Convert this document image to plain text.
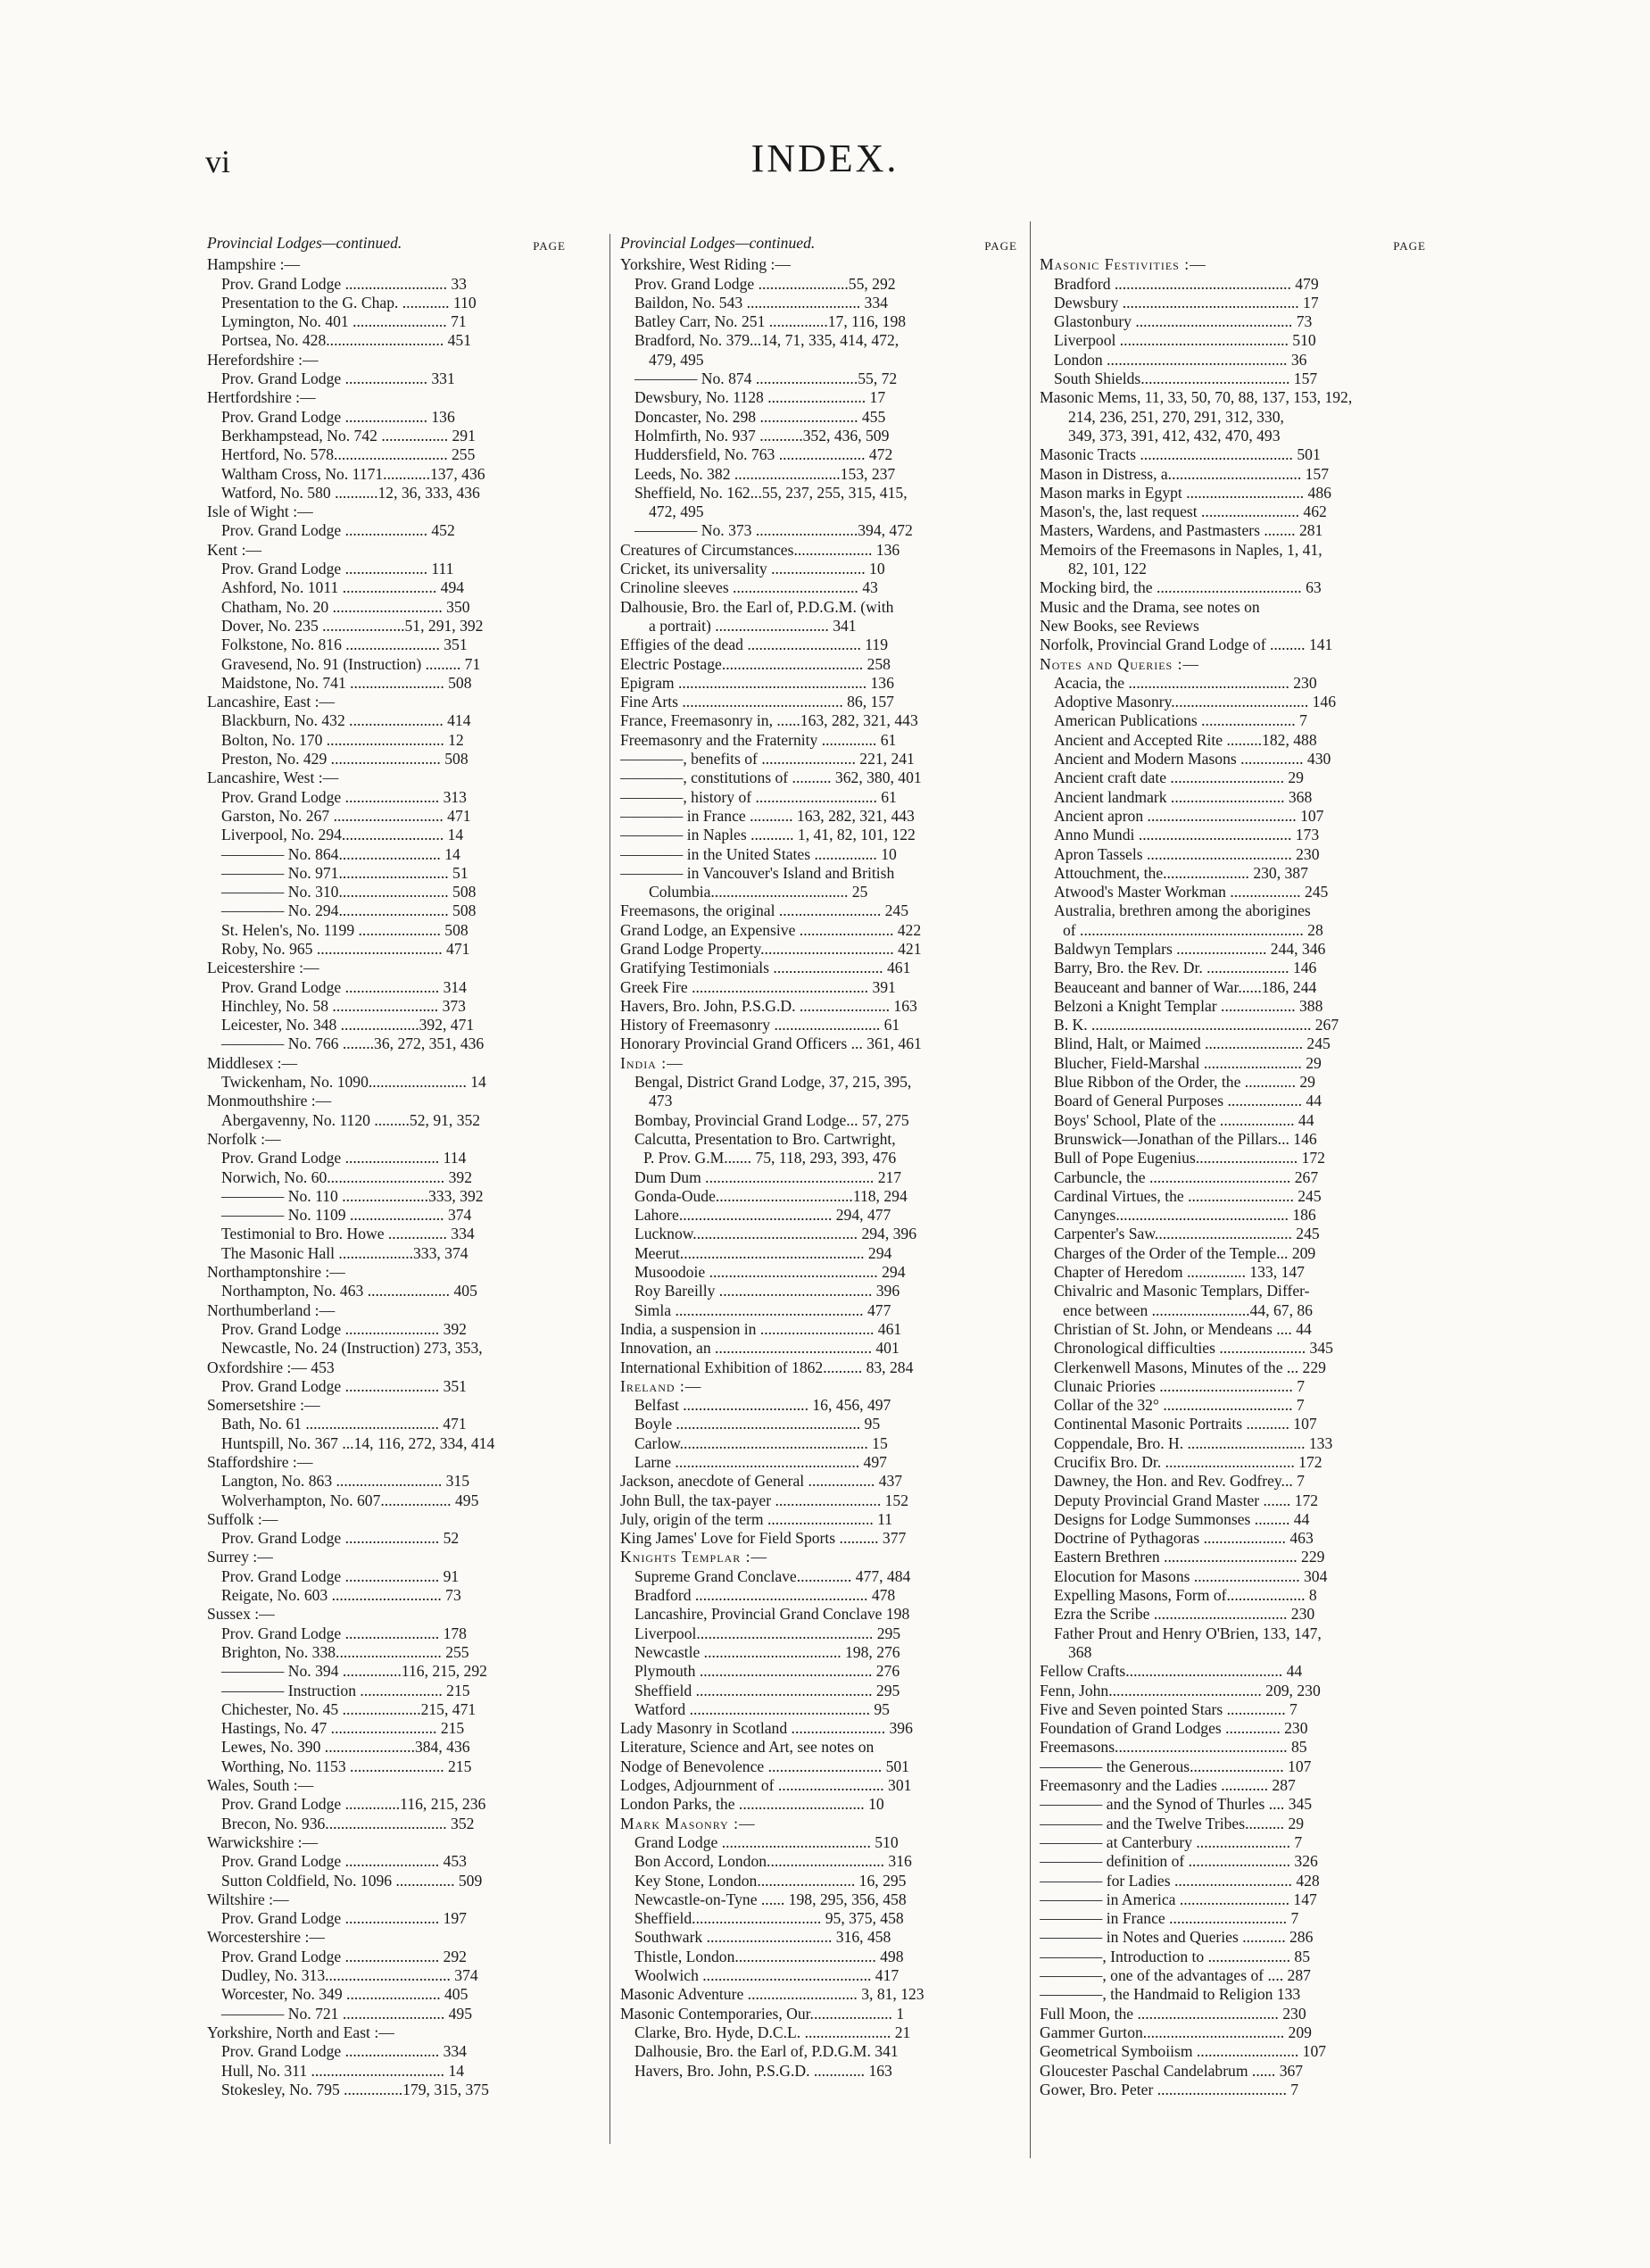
vi	INDEX.
Provincial Lodges—continued.	PAGE
Hampshire :—
Prov. Grand Lodge .......................... 33
Presentation to the G. Chap. ............ 110
Lymington, No. 401 ........................ 71
Portsea, No. 428.............................. 451
Herefordshire :—
Prov. Grand Lodge ..................... 331
Hertfordshire :—
Prov. Grand Lodge ..................... 136
Berkhampstead, No. 742 ................. 291
Hertford, No. 578............................. 255
Waltham Cross, No. 1171............137, 436
Watford, No. 580 ...........12, 36, 333, 436
Isle of Wight :—
Prov. Grand Lodge ..................... 452
Kent :—
Prov. Grand Lodge ..................... 111
Ashford, No. 1011 ........................ 494
Chatham, No. 20 ............................ 350
Dover, No. 235 .....................51, 291, 392
Folkstone, No. 816 ........................ 351
Gravesend, No. 91 (Instruction) ......... 71
Maidstone, No. 741 ........................ 508
Lancashire, East :—
Blackburn, No. 432 ........................ 414
Bolton, No. 170 .............................. 12
Preston, No. 429 ............................ 508
Lancashire, West :—
Prov. Grand Lodge ........................ 313
Garston, No. 267 ............................ 471
Liverpool, No. 294.......................... 14
———— No. 864.......................... 14
———— No. 971............................ 51
———— No. 310............................ 508
———— No. 294............................ 508
St. Helen's, No. 1199 ..................... 508
Roby, No. 965 ................................ 471
Leicestershire :—
Prov. Grand Lodge ........................ 314
Hinchley, No. 58 ........................... 373
Leicester, No. 348 ....................392, 471
———— No. 766 ........36, 272, 351, 436
Middlesex :—
Twickenham, No. 1090......................... 14
Monmouthshire :—
Abergavenny, No. 1120 .........52, 91, 352
Norfolk :—
Prov. Grand Lodge ........................ 114
Norwich, No. 60.............................. 392
———— No. 110 ......................333, 392
———— No. 1109 ........................ 374
Testimonial to Bro. Howe ............... 334
The Masonic Hall ...................333, 374
Northamptonshire :—
Northampton, No. 463 ..................... 405
Northumberland :—
Prov. Grand Lodge ........................ 392
Newcastle, No. 24 (Instruction) 273, 353,
Oxfordshire :— 453
Prov. Grand Lodge ........................ 351
Somersetshire :—
Bath, No. 61 .................................. 471
Huntspill, No. 367 ...14, 116, 272, 334, 414
Staffordshire :—
Langton, No. 863 ........................... 315
Wolverhampton, No. 607.................. 495
Suffolk :—
Prov. Grand Lodge ........................ 52
Surrey :—
Prov. Grand Lodge ........................ 91
Reigate, No. 603 ............................ 73
Sussex :—
Prov. Grand Lodge ........................ 178
Brighton, No. 338........................... 255
———— No. 394 ...............116, 215, 292
———— Instruction ..................... 215
Chichester, No. 45 ....................215, 471
Hastings, No. 47 ........................... 215
Lewes, No. 390 .......................384, 436
Worthing, No. 1153 ........................ 215
Wales, South :—
Prov. Grand Lodge ..............116, 215, 236
Brecon, No. 936............................... 352
Warwickshire :—
Prov. Grand Lodge ........................ 453
Sutton Coldfield, No. 1096 ............... 509
Wiltshire :—
Prov. Grand Lodge ........................ 197
Worcestershire :—
Prov. Grand Lodge ........................ 292
Dudley, No. 313................................ 374
Worcester, No. 349 ........................ 405
———— No. 721 .......................... 495
Yorkshire, North and East :—
Prov. Grand Lodge ........................ 334
Hull, No. 311 .................................. 14
Stokesley, No. 795 ...............179, 315, 375
Provincial Lodges—continued.	PAGE
Yorkshire, West Riding :—
Prov. Grand Lodge .......................55, 292
Baildon, No. 543 ............................. 334
Batley Carr, No. 251 ...............17, 116, 198
Bradford, No. 379...14, 71, 335, 414, 472,
479, 495
———— No. 874 ..........................55, 72
Dewsbury, No. 1128 ......................... 17
Doncaster, No. 298 ......................... 455
Holmfirth, No. 937 ...........352, 436, 509
Huddersfield, No. 763 ...................... 472
Leeds, No. 382 ...........................153, 237
Sheffield, No. 162...55, 237, 255, 315, 415,
472, 495
———— No. 373 ..........................394, 472
Creatures of Circumstances.................... 136
Cricket, its universality ........................ 10
Crinoline sleeves ................................ 43
Dalhousie, Bro. the Earl of, P.D.G.M. (with
a portrait) ............................. 341
Effigies of the dead ............................. 119
Electric Postage.................................... 258
Epigram ................................................ 136
Fine Arts ......................................... 86, 157
France, Freemasonry in, ......163, 282, 321, 443
Freemasonry and the Fraternity .............. 61
————, benefits of ........................ 221, 241
————, constitutions of .......... 362, 380, 401
————, history of ............................... 61
———— in France ........... 163, 282, 321, 443
———— in Naples ........... 1, 41, 82, 101, 122
———— in the United States ................ 10
———— in Vancouver's Island and British
Columbia................................... 25
Freemasons, the original .......................... 245
Grand Lodge, an Expensive ........................ 422
Grand Lodge Property.................................. 421
Gratifying Testimonials ............................ 461
Greek Fire ............................................. 391
Havers, Bro. John, P.S.G.D. ....................... 163
History of Freemasonry ........................... 61
Honorary Provincial Grand Officers ... 361, 461
India :—
Bengal, District Grand Lodge, 37, 215, 395,
473
Bombay, Provincial Grand Lodge... 57, 275
Calcutta, Presentation to Bro. Cartwright,
P. Prov. G.M....... 75, 118, 293, 393, 476
Dum Dum ........................................... 217
Gonda-Oude...................................118, 294
Lahore....................................... 294, 477
Lucknow.......................................... 294, 396
Meerut............................................... 294
Musoodoie ........................................... 294
Roy Bareilly ....................................... 396
Simla ................................................ 477
India, a suspension in ............................. 461
Innovation, an ........................................ 401
International Exhibition of 1862.......... 83, 284
Ireland :—
Belfast ................................ 16, 456, 497
Boyle ............................................... 95
Carlow................................................ 15
Larne ............................................... 497
Jackson, anecdote of General ................. 437
John Bull, the tax-payer ........................... 152
July, origin of the term ........................... 11
King James' Love for Field Sports .......... 377
Knights Templar :—
Supreme Grand Conclave.............. 477, 484
Bradford ............................................ 478
Lancashire, Provincial Grand Conclave 198
Liverpool............................................. 295
Newcastle ................................... 198, 276
Plymouth ............................................ 276
Sheffield ............................................. 295
Watford .............................................. 95
Lady Masonry in Scotland ........................ 396
Literature, Science and Art, see notes on
Nodge of Benevolence ............................. 501
Lodges, Adjournment of ........................... 301
London Parks, the ................................ 10
Mark Masonry :—
Grand Lodge ...................................... 510
Bon Accord, London.............................. 316
Key Stone, London......................... 16, 295
Newcastle-on-Tyne ...... 198, 295, 356, 458
Sheffield................................. 95, 375, 458
Southwark ................................ 316, 458
Thistle, London.................................... 498
Woolwich ........................................... 417
Masonic Adventure ............................ 3, 81, 123
Masonic Contemporaries, Our..................... 1
Clarke, Bro. Hyde, D.C.L. ...................... 21
Dalhousie, Bro. the Earl of, P.D.G.M. 341
Havers, Bro. John, P.S.G.D. ............. 163
PAGE
Masonic Festivities :—
Bradford ............................................. 479
Dewsbury ............................................. 17
Glastonbury ........................................ 73
Liverpool ........................................... 510
London .............................................. 36
South Shields...................................... 157
Masonic Mems, 11, 33, 50, 70, 88, 137, 153, 192,
214, 236, 251, 270, 291, 312, 330,
349, 373, 391, 412, 432, 470, 493
Masonic Tracts ....................................... 501
Mason in Distress, a.................................. 157
Mason marks in Egypt .............................. 486
Mason's, the, last request ......................... 462
Masters, Wardens, and Pastmasters ........ 281
Memoirs of the Freemasons in Naples, 1, 41,
82, 101, 122
Mocking bird, the ..................................... 63
Music and the Drama, see notes on
New Books, see Reviews
Norfolk, Provincial Grand Lodge of ......... 141
Notes and Queries :—
Acacia, the ......................................... 230
Adoptive Masonry................................... 146
American Publications ........................ 7
Ancient and Accepted Rite .........182, 488
Ancient and Modern Masons ................ 430
Ancient craft date ............................. 29
Ancient landmark ............................. 368
Ancient apron ...................................... 107
Anno Mundi ....................................... 173
Apron Tassels ..................................... 230
Attouchment, the...................... 230, 387
Atwood's Master Workman .................. 245
Australia, brethren among the aborigines
of ......................................................... 28
Baldwyn Templars ....................... 244, 346
Barry, Bro. the Rev. Dr. ..................... 146
Beauceant and banner of War......186, 244
Belzoni a Knight Templar ................... 388
B. K. ........................................................ 267
Blind, Halt, or Maimed ......................... 245
Blucher, Field-Marshal ......................... 29
Blue Ribbon of the Order, the ............. 29
Board of General Purposes ................... 44
Boys' School, Plate of the ................... 44
Brunswick—Jonathan of the Pillars... 146
Bull of Pope Eugenius.......................... 172
Carbuncle, the .................................... 267
Cardinal Virtues, the ........................... 245
Canynges............................................ 186
Carpenter's Saw................................... 245
Charges of the Order of the Temple... 209
Chapter of Heredom ............... 133, 147
Chivalric and Masonic Templars, Differ-
ence between .........................44, 67, 86
Christian of St. John, or Mendeans .... 44
Chronological difficulties ...................... 345
Clerkenwell Masons, Minutes of the ... 229
Clunaic Priories .................................. 7
Collar of the 32° ................................. 7
Continental Masonic Portraits ........... 107
Coppendale, Bro. H. .............................. 133
Crucifix Bro. Dr. ................................. 172
Dawney, the Hon. and Rev. Godfrey... 7
Deputy Provincial Grand Master ....... 172
Designs for Lodge Summonses ......... 44
Doctrine of Pythagoras ..................... 463
Eastern Brethren .................................. 229
Elocution for Masons ........................... 304
Expelling Masons, Form of.................... 8
Ezra the Scribe .................................. 230
Father Prout and Henry O'Brien, 133, 147,
368
Fellow Crafts........................................ 44
Fenn, John....................................... 209, 230
Five and Seven pointed Stars ............... 7
Foundation of Grand Lodges .............. 230
Freemasons............................................ 85
———— the Generous........................ 107
Freemasonry and the Ladies ............ 287
———— and the Synod of Thurles .... 345
———— and the Twelve Tribes.......... 29
———— at Canterbury ........................ 7
———— definition of .......................... 326
———— for Ladies .............................. 428
———— in America ............................ 147
———— in France .............................. 7
———— in Notes and Queries ........... 286
————, Introduction to ..................... 85
————, one of the advantages of .... 287
————, the Handmaid to Religion 133
Full Moon, the .................................... 230
Gammer Gurton.................................... 209
Geometrical Symboiism .......................... 107
Gloucester Paschal Candelabrum ...... 367
Gower, Bro. Peter ................................. 7
